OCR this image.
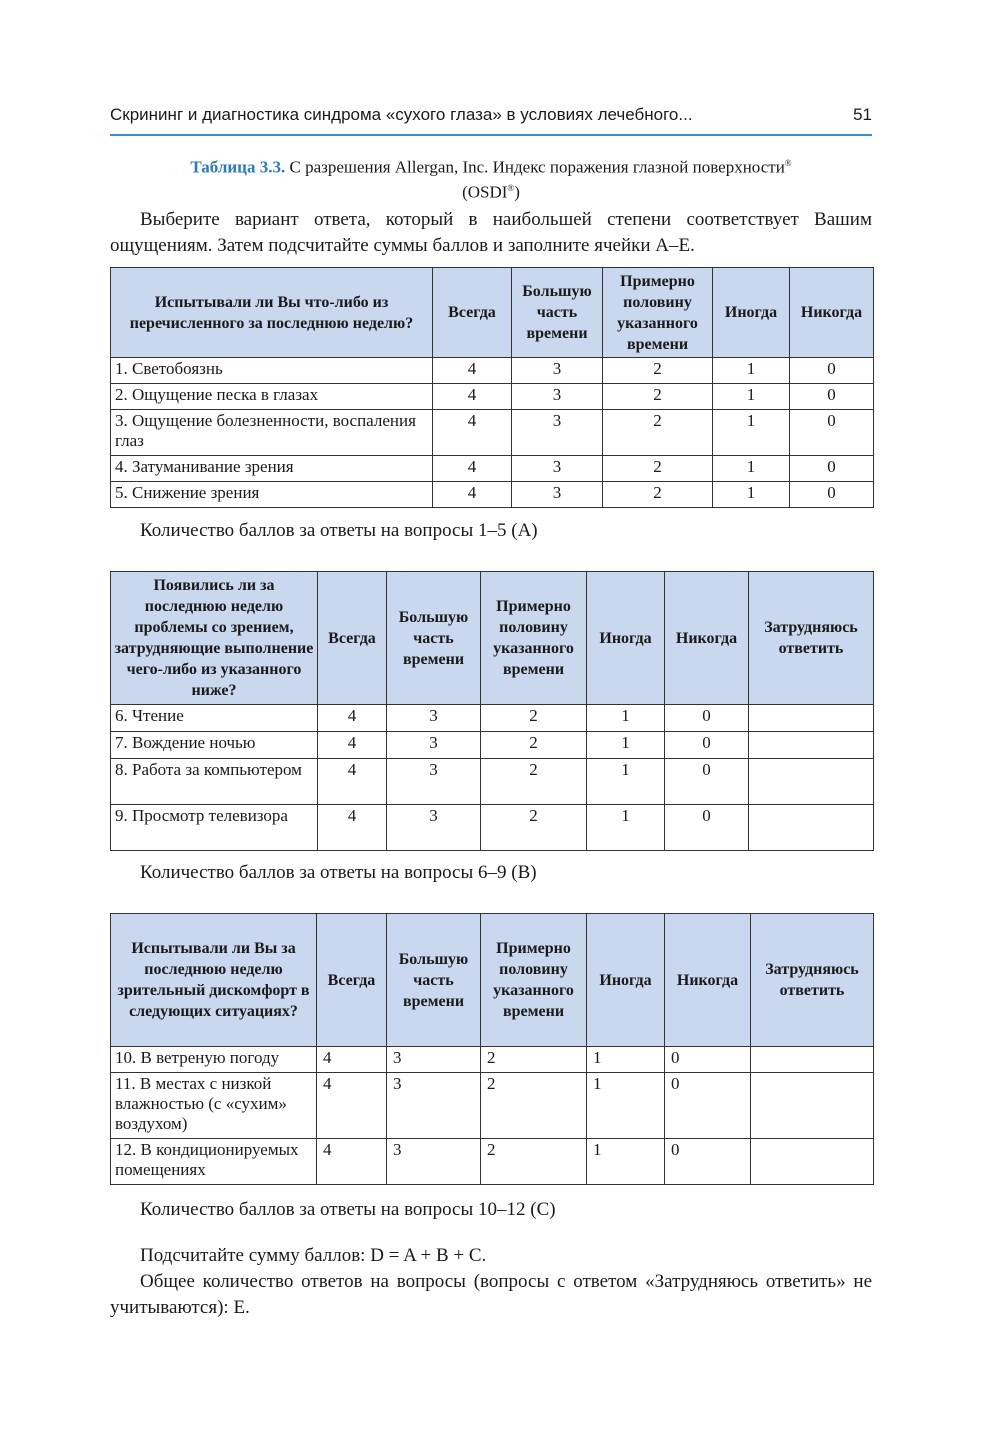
Скрининг и диагностика синдрома «сухого глаза» в условиях лечебного...	51
Таблица 3.3. С разрешения Allergan, Inc. Индекс поражения глазной поверхности®
(OSDI®)
Выберите вариант ответа, который в наибольшей степени соответствует Вашим ощущениям. Затем подсчитайте суммы баллов и заполните ячейки А–Е.
Испытывали ли Вы что-либо из перечисленного за последнюю неделю?	Всегда	Большую часть времени	Примерно половину указанного времени	Иногда	Никогда
1. Светобоязнь	4	3	2	1	0
2. Ощущение песка в глазах	4	3	2	1	0
3. Ощущение болезненности, воспаления глаз	4	3	2	1	0
4. Затуманивание зрения	4	3	2	1	0
5. Снижение зрения	4	3	2	1	0
Количество баллов за ответы на вопросы 1–5 (A)
Появились ли за последнюю неделю проблемы со зрением, затрудняющие выполнение чего-либо из указанного ниже?	Всегда	Большую часть времени	Примерно половину указанного времени	Иногда	Никогда	Затрудняюсь ответить
6. Чтение	4	3	2	1	0	
7. Вождение ночью	4	3	2	1	0	
8. Работа за компьютером	4	3	2	1	0	
9. Просмотр телевизора	4	3	2	1	0	
Количество баллов за ответы на вопросы 6–9 (B)
Испытывали ли Вы за последнюю неделю зрительный дискомфорт в следующих ситуациях?	Всегда	Большую часть времени	Примерно половину указанного времени	Иногда	Никогда	Затрудняюсь ответить
10. В ветреную погоду	4	3	2	1	0	
11. В местах с низкой влажностью (с «сухим» воздухом)	4	3	2	1	0	
12. В кондиционируемых помещениях	4	3	2	1	0	
Количество баллов за ответы на вопросы 10–12 (C)

Подсчитайте сумму баллов: D = A + B + C.

Общее количество ответов на вопросы (вопросы с ответом «Затрудняюсь ответить» не учитываются): E.
